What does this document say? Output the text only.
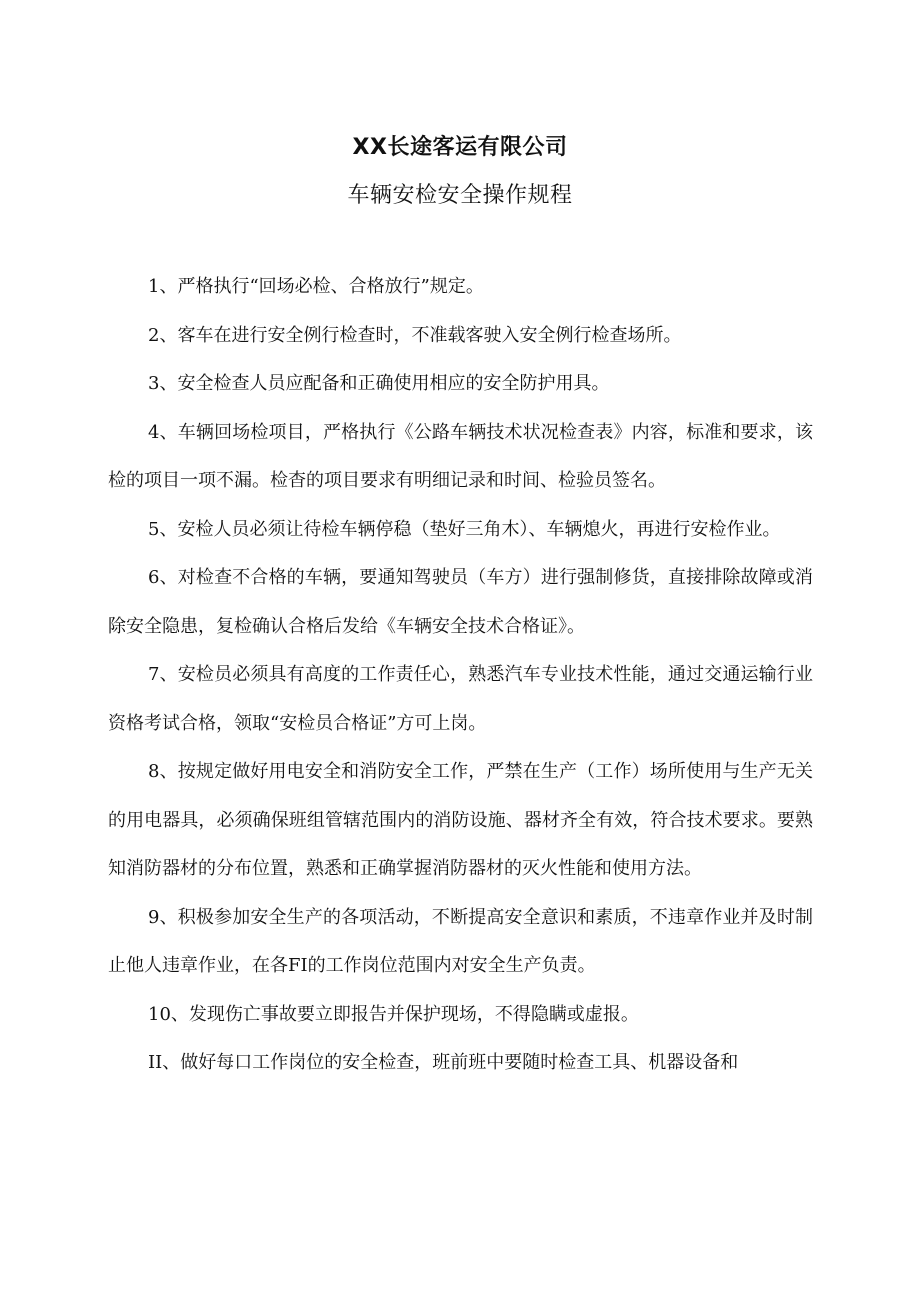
XX长途客运有限公司
车辆安检安全操作规程

1、严格执行“回场必检、合格放行”规定。

2、客车在进行安全例行检查时，不准载客驶入安全例行检查场所。

3、安全检查人员应配备和正确使用相应的安全防护用具。

4、车辆回场检项目，严格执行《公路车辆技术状况检查表》内容，标准和要求，该检的项目一项不漏。检杳的项目要求有明细记录和时间、检验员签名。

5、安检人员必须让待检车辆停稳（垫好三角木）、车辆熄火，再进行安检作业。

6、对检查不合格的车辆，要通知驾驶员（车方）进行强制修货，直接排除故障或消除安全隐患，复检确认合格后发给《车辆安全技术合格证》。

7、安检员必须具有高度的工作责任心，熟悉汽车专业技术性能，通过交通运输行业资格考试合格，领取“安检员合格证”方可上岗。

8、按规定做好用电安全和消防安全工作，严禁在生产（工作）场所使用与生产无关的用电器具，必须确保班组管辖范围内的消防设施、器材齐全有效，符合技术要求。要熟知消防器材的分布位置，熟悉和正确掌握消防器材的灭火性能和使用方法。

9、积极参加安全生产的各项活动，不断提高安全意识和素质，不违章作业并及时制止他人违章作业，在各FI的工作岗位范围内对安全生产负责。

10、发现伤亡事故要立即报告并保护现场，不得隐瞒或虚报。

II、做好每口工作岗位的安全检查，班前班中要随时检查工具、机器设备和
